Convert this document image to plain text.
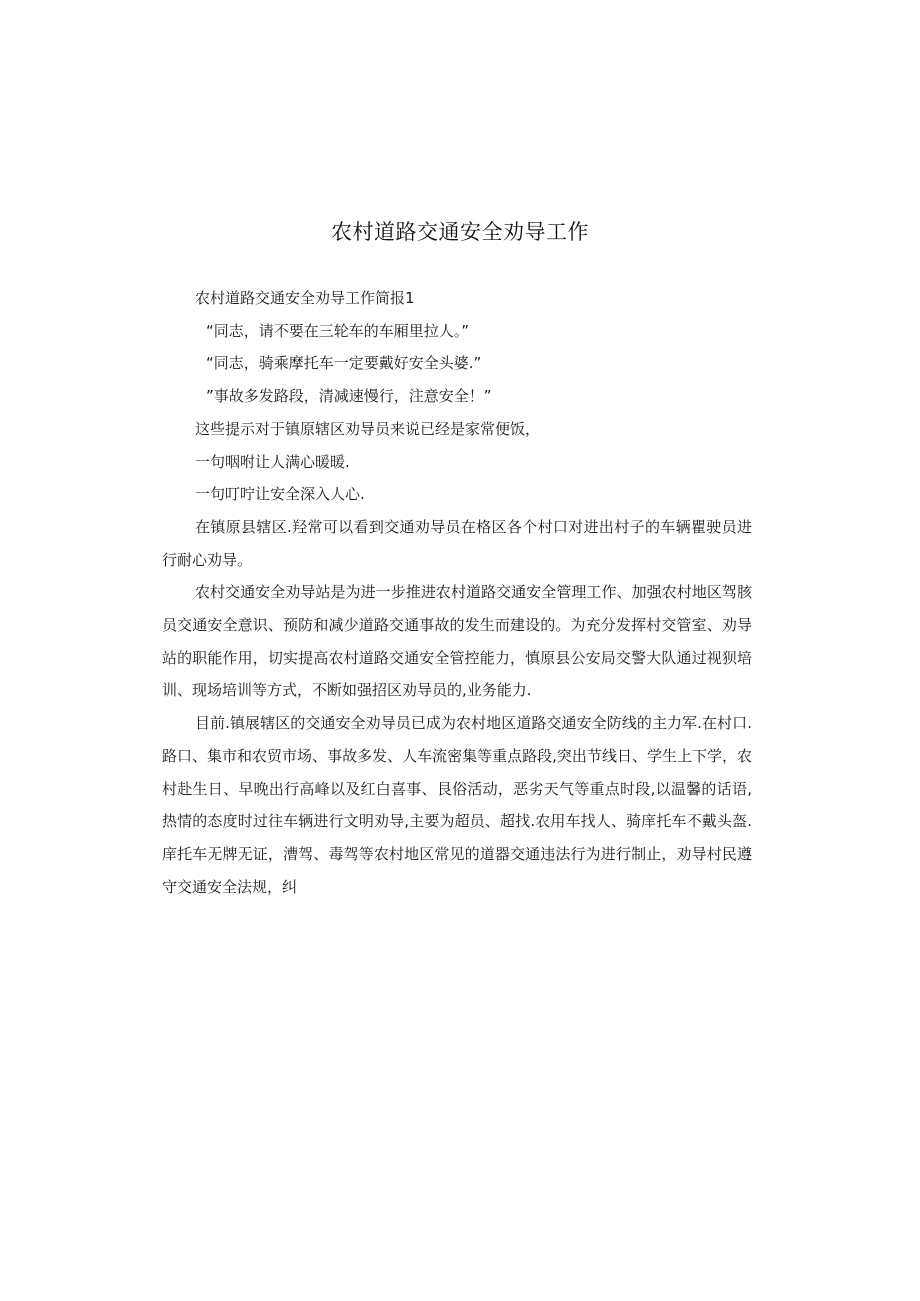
农村道路交通安全劝导工作

农村道路交通安全劝导工作简报1

“同志，请不要在三轮车的车厢里拉人。”

“同志，骑乘摩托车一定要戴好安全头婆.”

”事故多发路段，清减速慢行，注意安全！”

这些提示对于镇原辖区劝导员来说已经是家常便饭，

一句咽咐让人满心暖暖.

一句叮咛让安全深入人心.

在镇原县辖区.羟常可以看到交通劝导员在格区各个村口对进出村子的车辆瞿驶员进行耐心劝导。

农村交通安全劝导站是为进一步推进农村道路交通安全管理工作、加强农村地区驾胲员交通安全意识、预防和减少道路交通事故的发生而建设的。为充分发挥村交管室、劝导站的职能作用，切实提高农村道路交通安全管控能力，慎原县公安局交警大队通过视狈培训、现场培训等方式，不断如强招区劝导员的,业务能力.

目前.镇展辖区的交通安全劝导员已成为农村地区道路交通安全防线的主力军.在村口.路口、集市和农贸市场、事故多发、人车流密集等重点路段,突出节线日、学生上下学，农村赴生日、早晚出行高峰以及红白喜事、艮俗活动，恶劣天气等重点时段,以温馨的话语,热情的态度时过往车辆进行文明劝导,主要为超员、超找.农用车找人、骑庠托车不戴头盔.庠托车无牌无证，漕驾、毒驾等农村地区常见的道器交通违法行为进行制止，劝导村民遵守交通安全法规，纠
